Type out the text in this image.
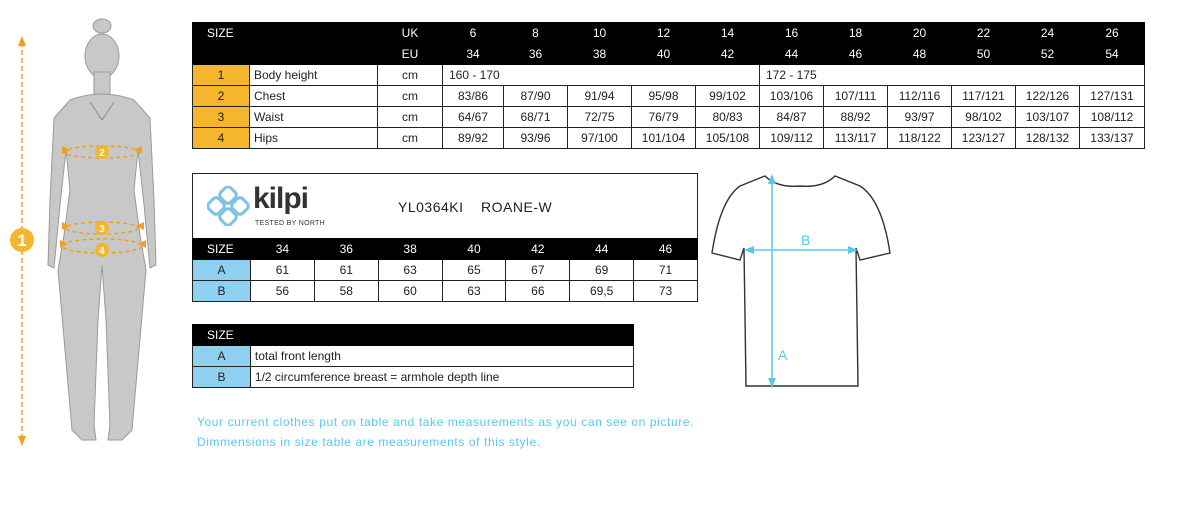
1
2
3
4
SIZE		UK	6	8	10	12	14	16	18	20	22	24	26
		EU	34	36	38	40	42	44	46	48	50	52	54
1	Body height	cm	160 - 170					172 - 175					
2	Chest	cm	83/86	87/90	91/94	95/98	99/102	103/106	107/111	112/116	117/121	122/126	127/131
3	Waist	cm	64/67	68/71	72/75	76/79	80/83	84/87	88/92	93/97	98/102	103/107	108/112
4	Hips	cm	89/92	93/96	97/100	101/104	105/108	109/112	113/117	118/122	123/127	128/132	133/137
kilpi
TESTED BY NORTH
YL0364KI    ROANE-W
SIZE	34	36	38	40	42	44	46
A	61	61	63	65	67	69	71
B	56	58	60	63	66	69,5	73
SIZE	
A	total front length
B	1/2 circumference breast = armhole depth line
Your current clothes put on table and take measurements as you can see on picture.
Dimmensions in size table are measurements of this style.
B
A
